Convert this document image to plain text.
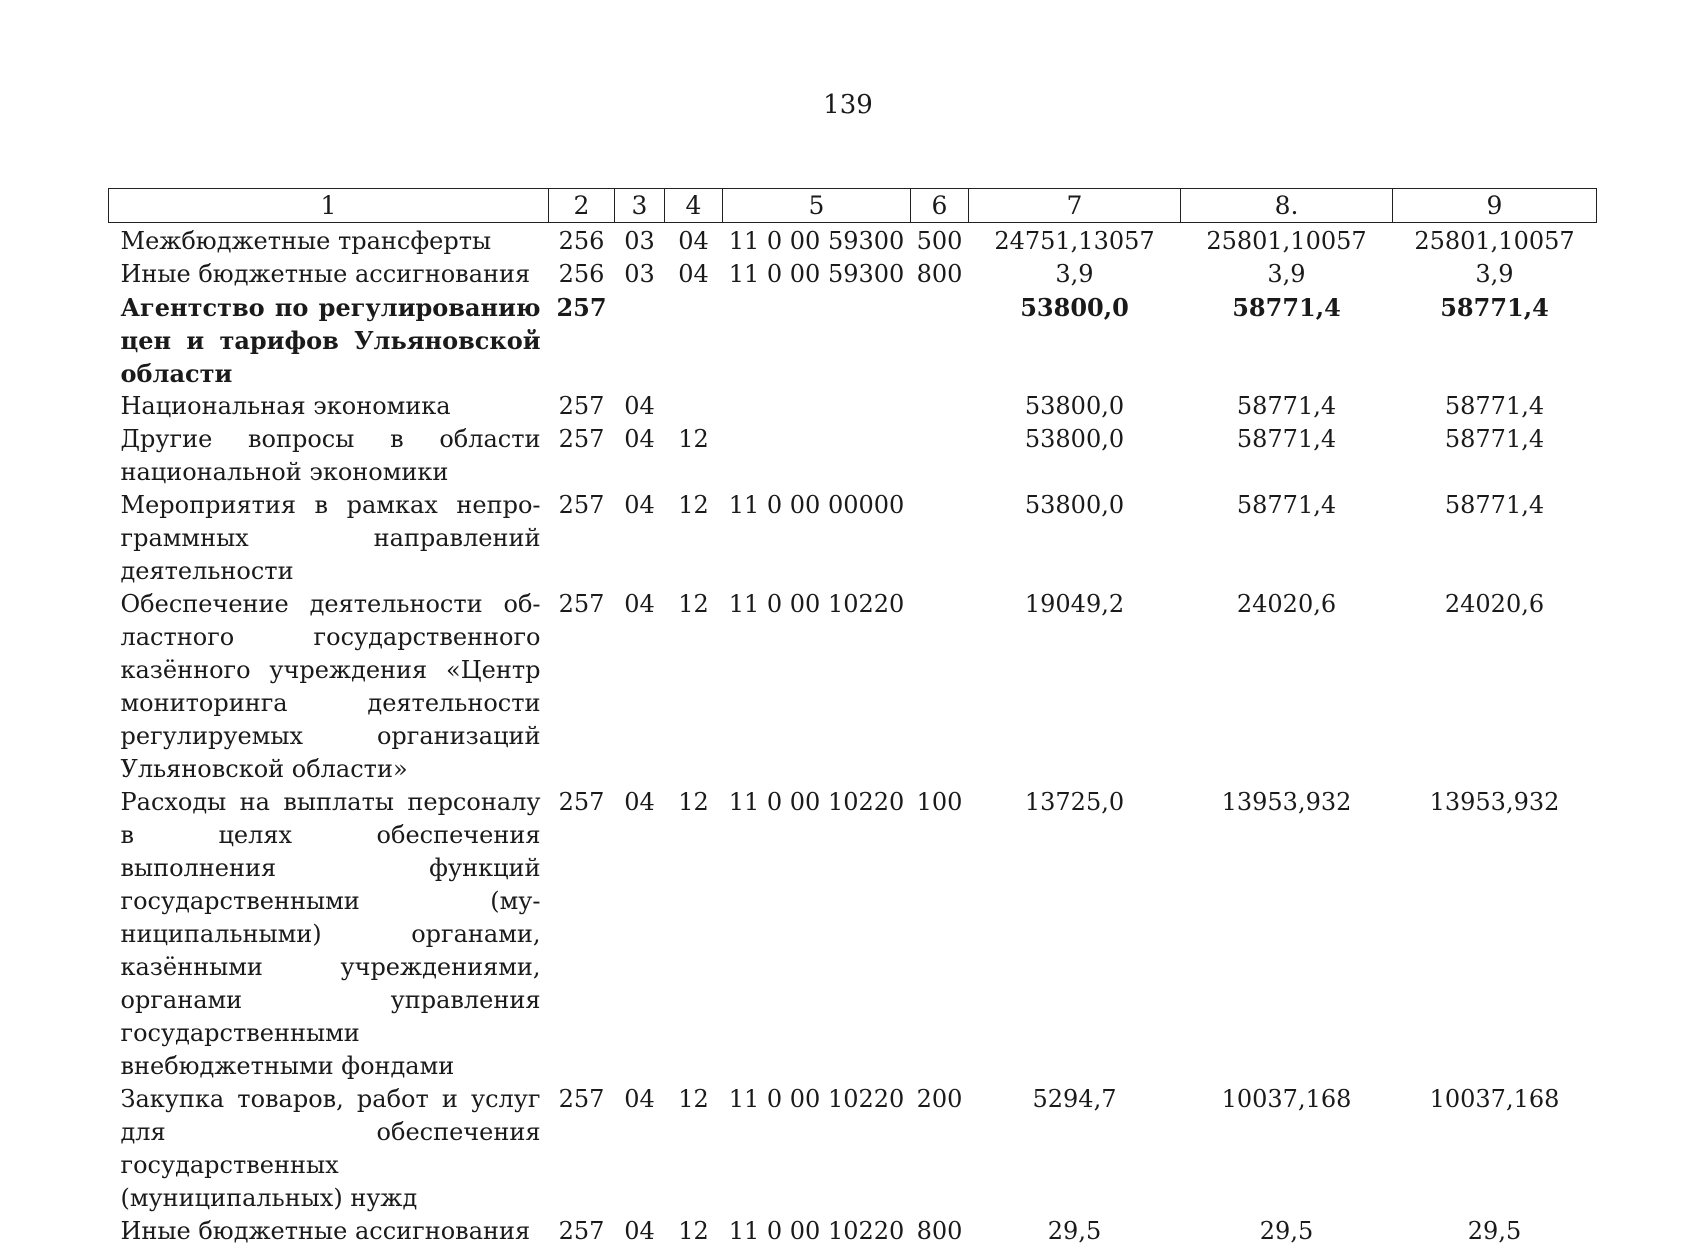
139
1	2	3	4	5	6	7	8.	9
Межбюджетные трансферты	256	03	04	11 0 00 59300	500	24751,13057	25801,10057	25801,10057
Иные бюджетные ассигнования	256	03	04	11 0 00 59300	800	3,9	3,9	3,9
Агентство по регулированию цен и тарифов Ульяновской области	257					53800,0	58771,4	58771,4
Национальная экономика	257	04				53800,0	58771,4	58771,4
Другие вопросы в области национальной экономики	257	04	12			53800,0	58771,4	58771,4
Мероприятия в рамках непрограммных направлений деятельности	257	04	12	11 0 00 00000		53800,0	58771,4	58771,4
Обеспечение деятельности областного государственного казённого учреждения «Центр мониторинга деятельности регулируемых организаций Ульяновской области»	257	04	12	11 0 00 10220		19049,2	24020,6	24020,6
Расходы на выплаты персоналу в целях обеспечения выполнения функций государственными (муниципальными) органами, казёнными учреждениями, органами управления государственными внебюджетными фондами	257	04	12	11 0 00 10220	100	13725,0	13953,932	13953,932
Закупка товаров, работ и услуг для обеспечения государственных (муниципальных) нужд	257	04	12	11 0 00 10220	200	5294,7	10037,168	10037,168
Иные бюджетные ассигнования	257	04	12	11 0 00 10220	800	29,5	29,5	29,5
